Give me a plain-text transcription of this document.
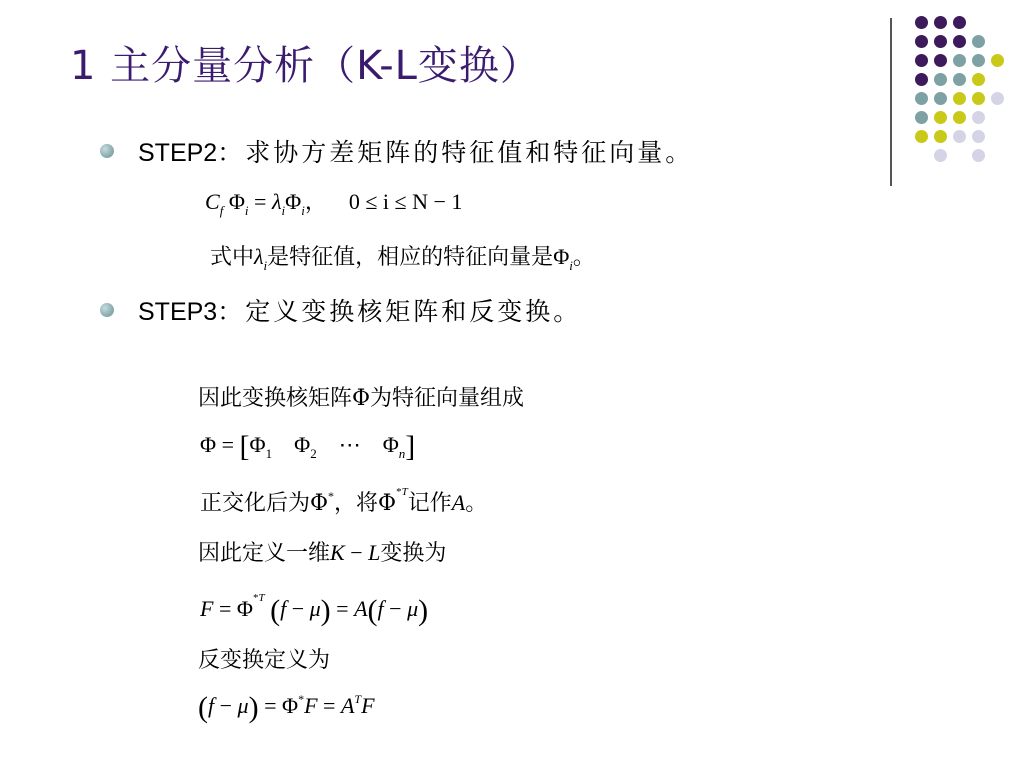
1 主分量分析（K-L变换）
STEP2：求协方差矩阵的特征值和特征向量。
$C_f$ $\Phi_i = \lambda_i\Phi_i$， 0 ≤ i ≤ N − 1
式中$\lambda_i$是特征值，相应的特征向量是$\Phi_i$。
STEP3：定义变换核矩阵和反变换。
因此变换核矩阵Φ为特征向量组成
$\Phi = [\Phi_1$ $\Phi_2$ ⋯ $\Phi_n$]
正交化后为Φ*，将$\Phi^{*T}$记作A。
因此定义一维K − L变换为
$F = \Phi^{*T}$ (f − μ) = A(f − μ)
反变换定义为
$(f - \mu) = \Phi^*F = A^TF$
